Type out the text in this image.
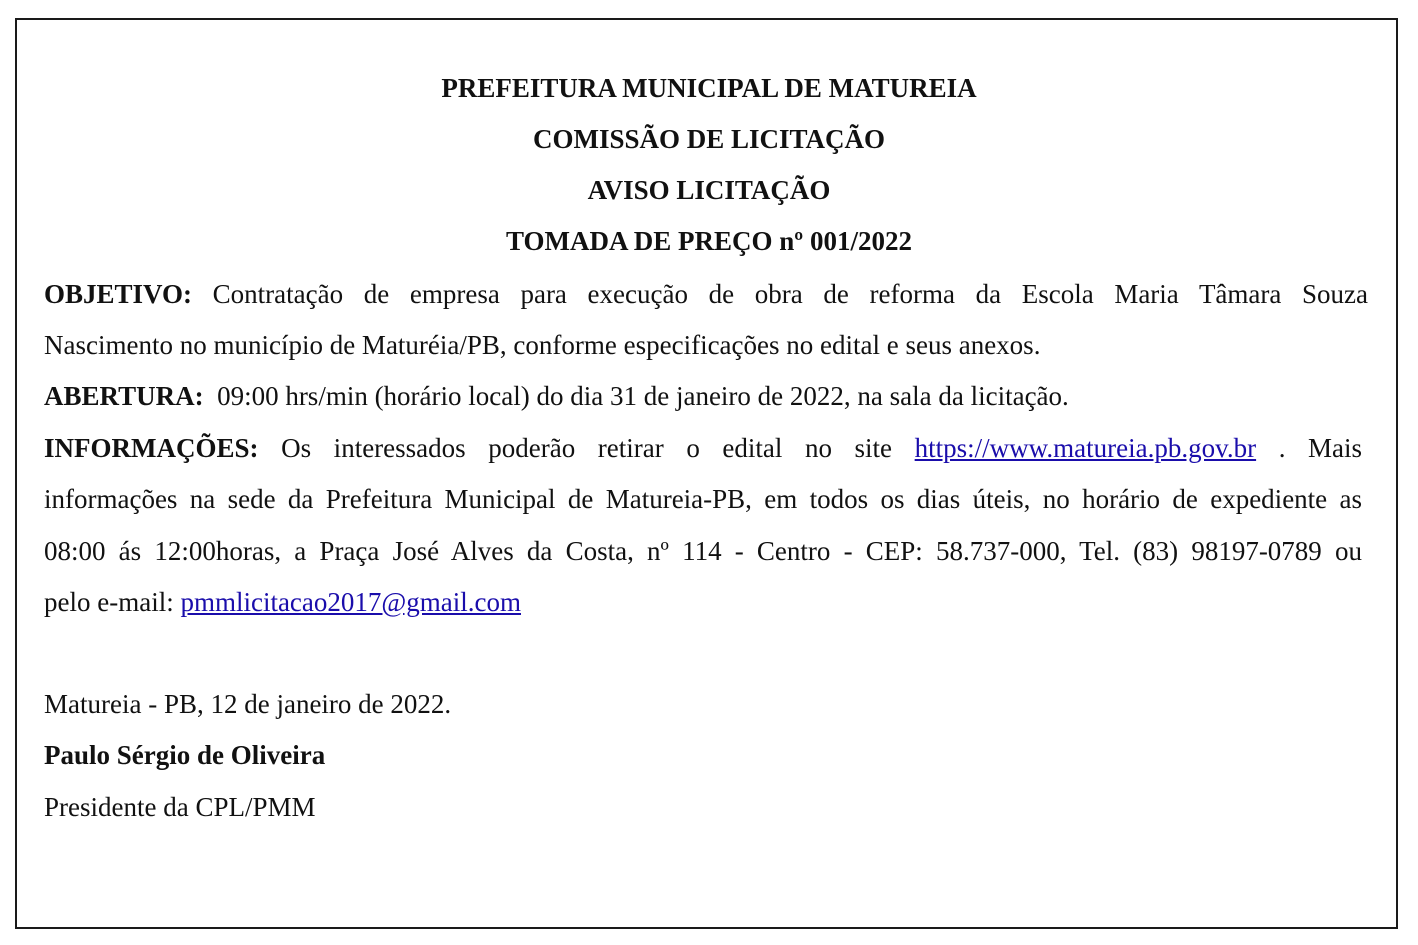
PREFEITURA MUNICIPAL DE MATUREIA
COMISSÃO DE LICITAÇÃO
AVISO LICITAÇÃO
TOMADA DE PREÇO nº 001/2022
OBJETIVO: Contratação de empresa para execução de obra de reforma da Escola Maria Tâmara Souza
Nascimento no município de Maturéia/PB, conforme especificações no edital e seus anexos.
ABERTURA: 09:00 hrs/min (horário local) do dia 31 de janeiro de 2022, na sala da licitação.
INFORMAÇÕES: Os interessados poderão retirar o edital no site https://www.matureia.pb.gov.br . Mais
informações na sede da Prefeitura Municipal de Matureia-PB, em todos os dias úteis, no horário de expediente as
08:00 ás 12:00horas, a Praça José Alves da Costa, nº 114 - Centro - CEP: 58.737-000, Tel. (83) 98197-0789 ou
pelo e-mail: pmmlicitacao2017@gmail.com
Matureia - PB, 12 de janeiro de 2022.
Paulo Sérgio de Oliveira
Presidente da CPL/PMM
